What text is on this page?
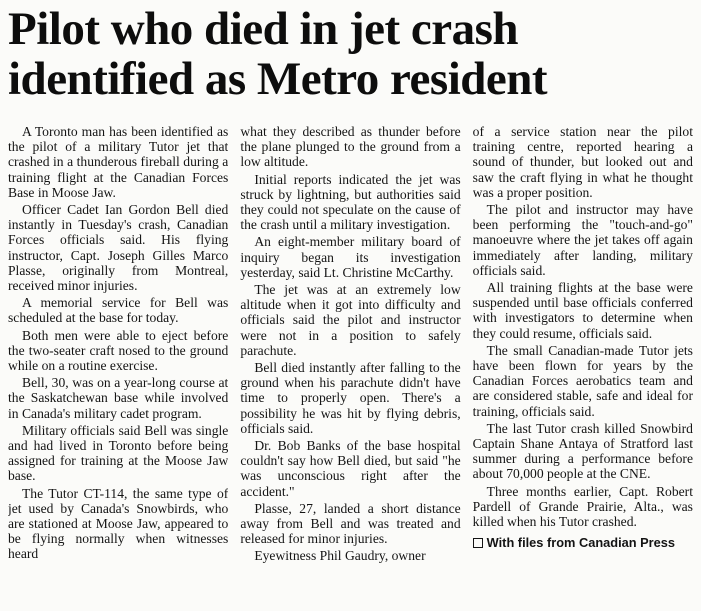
Pilot who died in jet crash
identified as Metro resident

A Toronto man has been identified as the pilot of a military Tutor jet that crashed in a thunderous fireball during a training flight at the Canadian Forces Base in Moose Jaw.

Officer Cadet Ian Gordon Bell died instantly in Tuesday's crash, Canadian Forces officials said. His flying instructor, Capt. Joseph Gilles Marco Plasse, originally from Montreal, received minor injuries.

A memorial service for Bell was scheduled at the base for today.

Both men were able to eject before the two-seater craft nosed to the ground while on a routine exercise.

Bell, 30, was on a year-long course at the Saskatchewan base while involved in Canada's military cadet program.

Military officials said Bell was single and had lived in Toronto before being assigned for training at the Moose Jaw base.

The Tutor CT-114, the same type of jet used by Canada's Snowbirds, who are stationed at Moose Jaw, appeared to be flying normally when witnesses heard

what they described as thunder before the plane plunged to the ground from a low altitude.

Initial reports indicated the jet was struck by lightning, but authorities said they could not speculate on the cause of the crash until a military investigation.

An eight-member military board of inquiry began its investigation yesterday, said Lt. Christine McCarthy.

The jet was at an extremely low altitude when it got into difficulty and officials said the pilot and instructor were not in a position to safely parachute.

Bell died instantly after falling to the ground when his parachute didn't have time to properly open. There's a possibility he was hit by flying debris, officials said.

Dr. Bob Banks of the base hospital couldn't say how Bell died, but said "he was unconscious right after the accident."

Plasse, 27, landed a short distance away from Bell and was treated and released for minor injuries.

Eyewitness Phil Gaudry, owner

of a service station near the pilot training centre, reported hearing a sound of thunder, but looked out and saw the craft flying in what he thought was a proper position.

The pilot and instructor may have been performing the "touch-and-go" manoeuvre where the jet takes off again immediately after landing, military officials said.

All training flights at the base were suspended until base officials conferred with investigators to determine when they could resume, officials said.

The small Canadian-made Tutor jets have been flown for years by the Canadian Forces aerobatics team and are considered stable, safe and ideal for training, officials said.

The last Tutor crash killed Snowbird Captain Shane Antaya of Stratford last summer during a performance before about 70,000 people at the CNE.

Three months earlier, Capt. Robert Pardell of Grande Prairie, Alta., was killed when his Tutor crashed.

With files from Canadian Press
